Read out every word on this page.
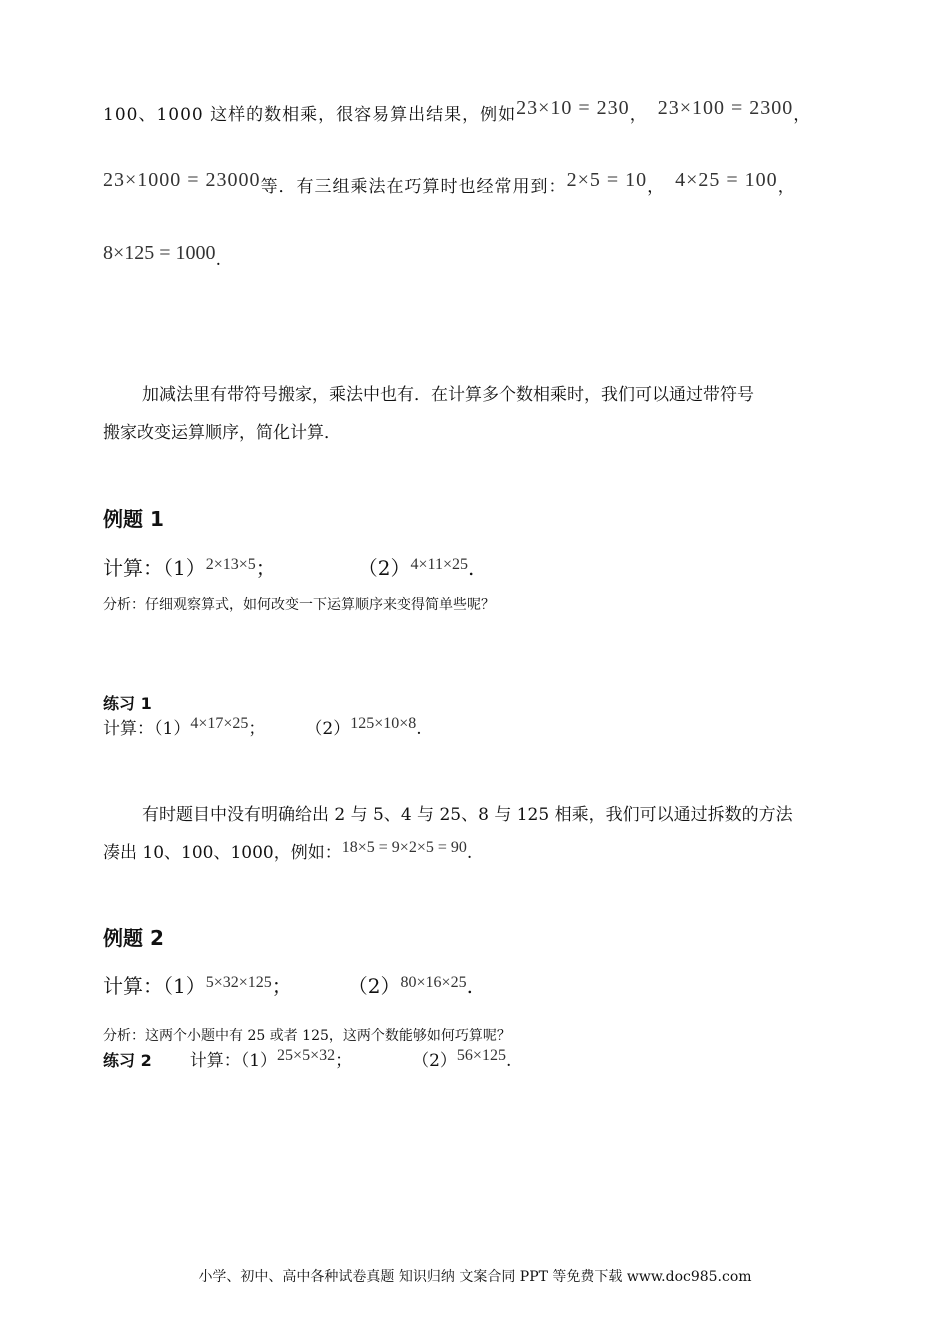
100、1000 这样的数相乘，很容易算出结果，例如23×10 = 230， 23×100 = 2300，
23×1000 = 23000等．有三组乘法在巧算时也经常用到：2×5 = 10， 4×25 = 100，
8×125 = 1000.
加减法里有带符号搬家，乘法中也有．在计算多个数相乘时，我们可以通过带符号
搬家改变运算顺序，简化计算．
例题 1
计算：$(1)^{2\times 13\times 5}$；	$(2)^{4\times 11\times 25}$.
分析：仔细观察算式，如何改变一下运算顺序来变得简单些呢？
练习 1
计算：（1）4×17×25； （2）125×10×8.
有时题目中没有明确给出 2 与 5、4 与 25、8 与 125 相乘，我们可以通过拆数的方法
凑出 10、100、1000，例如：18×5 = 9×2×5 = 90.
例题 2
计算：$(1)^{5\times 32\times 125}$；	$(2)^{80\times 16\times 25}$.
分析：这两个小题中有 25 或者 125，这两个数能够如何巧算呢？
练习 2 计算：（1）25×5×32；	（2）56×125.
小学、初中、高中各种试卷真题 知识归纳 文案合同 PPT 等免费下载 www.doc985.com
